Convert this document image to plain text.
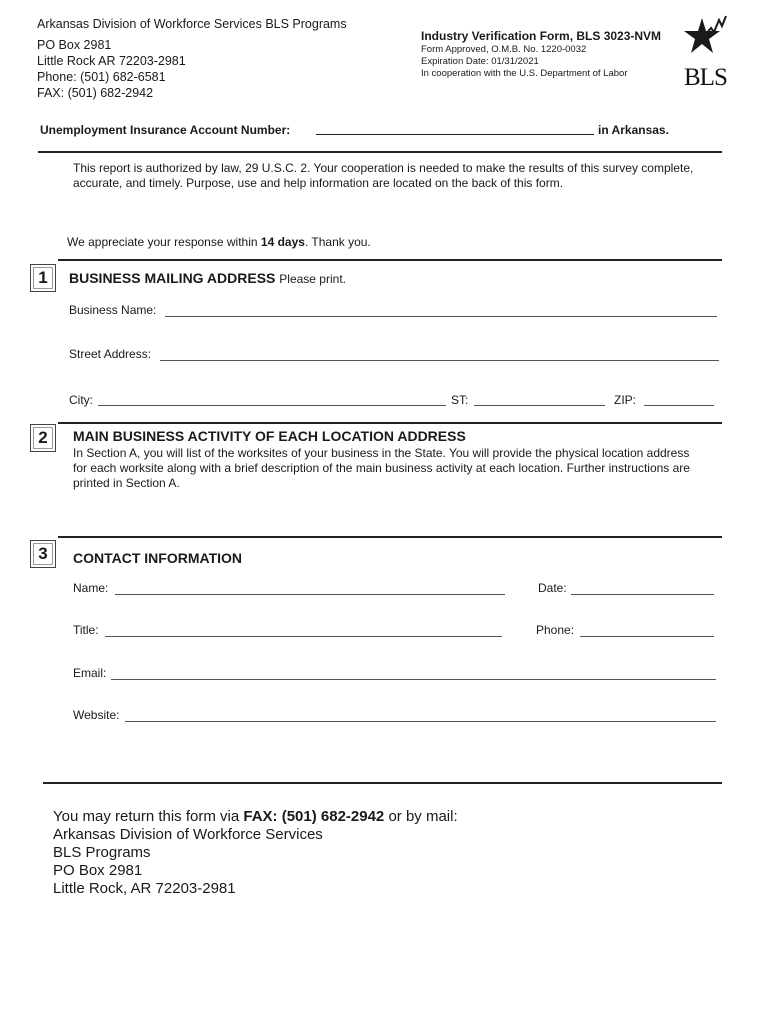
Arkansas Division of Workforce Services BLS Programs
PO Box 2981
Little Rock AR 72203-2981
Phone: (501) 682-6581
FAX: (501) 682-2942
Industry Verification Form, BLS 3023-NVM
Form Approved, O.M.B. No. 1220-0032
Expiration Date: 01/31/2021
In cooperation with the U.S. Department of Labor	BLS
Unemployment Insurance Account Number:	in Arkansas.
This report is authorized by law, 29 U.S.C. 2. Your cooperation is needed to make the results of this survey complete, accurate, and timely. Purpose, use and help information are located on the back of this form.
We appreciate your response within 14 days. Thank you.
1	BUSINESS MAILING ADDRESS Please print.
Business Name:
Street Address:
City:	ST:	ZIP:
2	MAIN BUSINESS ACTIVITY OF EACH LOCATION ADDRESS
In Section A, you will list of the worksites of your business in the State. You will provide the physical location address for each worksite along with a brief description of the main business activity at each location. Further instructions are printed in Section A.
3	CONTACT INFORMATION
Name:	Date:
Title:	Phone:
Email:
Website:
You may return this form via FAX: (501) 682-2942 or by mail:
Arkansas Division of Workforce Services
BLS Programs
PO Box 2981
Little Rock, AR 72203-2981
